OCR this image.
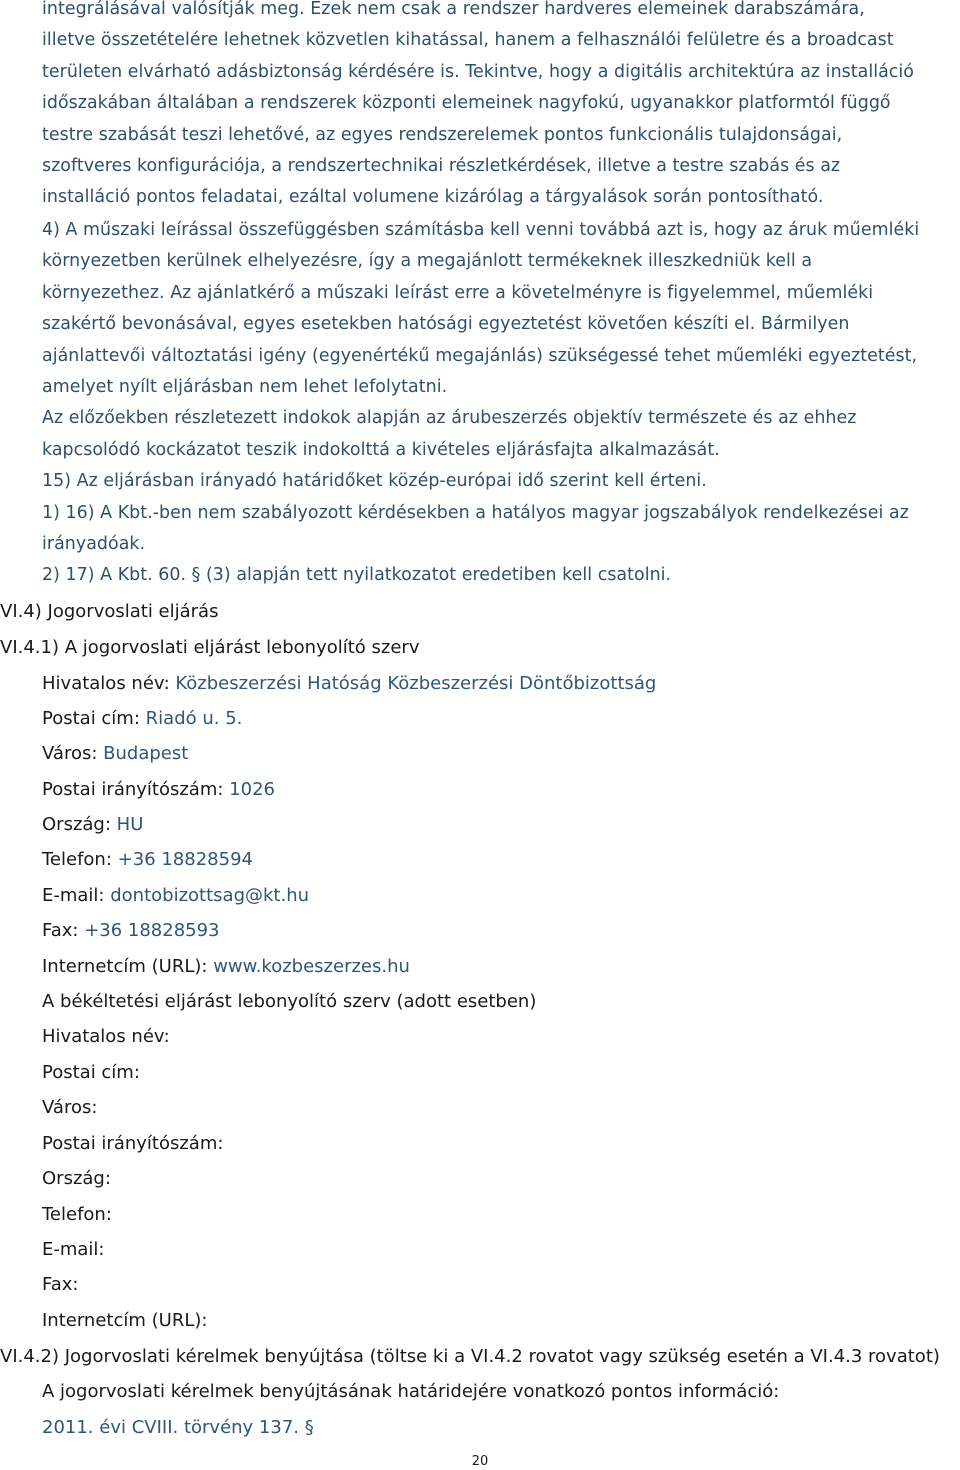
integrálásával valósítják meg. Ezek nem csak a rendszer hardveres elemeinek darabszámára,
illetve összetételére lehetnek közvetlen kihatással, hanem a felhasználói felületre és a broadcast
területen elvárható adásbiztonság kérdésére is. Tekintve, hogy a digitális architektúra az installáció
időszakában általában a rendszerek központi elemeinek nagyfokú, ugyanakkor platformtól függő
testre szabását teszi lehetővé, az egyes rendszerelemek pontos funkcionális tulajdonságai,
szoftveres konfigurációja, a rendszertechnikai részletkérdések, illetve a testre szabás és az
installáció pontos feladatai, ezáltal volumene kizárólag a tárgyalások során pontosítható.
4) A műszaki leírással összefüggésben számításba kell venni továbbá azt is, hogy az áruk műemléki
környezetben kerülnek elhelyezésre, így a megajánlott termékeknek illeszkedniük kell a
környezethez. Az ajánlatkérő a műszaki leírást erre a követelményre is figyelemmel, műemléki
szakértő bevonásával, egyes esetekben hatósági egyeztetést követően készíti el. Bármilyen
ajánlattevői változtatási igény (egyenértékű megajánlás) szükségessé tehet műemléki egyeztetést,
amelyet nyílt eljárásban nem lehet lefolytatni.
Az előzőekben részletezett indokok alapján az árubeszerzés objektív természete és az ehhez
kapcsolódó kockázatot teszik indokolttá a kivételes eljárásfajta alkalmazását.
15) Az eljárásban irányadó határidőket közép-európai idő szerint kell érteni.
1) 16) A Kbt.-ben nem szabályozott kérdésekben a hatályos magyar jogszabályok rendelkezései az
irányadóak.
2) 17) A Kbt. 60. § (3) alapján tett nyilatkozatot eredetiben kell csatolni.
VI.4) Jogorvoslati eljárás
VI.4.1) A jogorvoslati eljárást lebonyolító szerv
Hivatalos név: Közbeszerzési Hatóság Közbeszerzési Döntőbizottság
Postai cím: Riadó u. 5.
Város: Budapest
Postai irányítószám: 1026
Ország: HU
Telefon: +36 18828594
E-mail: dontobizottsag@kt.hu
Fax: +36 18828593
Internetcím (URL): www.kozbeszerzes.hu
A békéltetési eljárást lebonyolító szerv (adott esetben)
Hivatalos név:
Postai cím:
Város:
Postai irányítószám:
Ország:
Telefon:
E-mail:
Fax:
Internetcím (URL):
VI.4.2) Jogorvoslati kérelmek benyújtása (töltse ki a VI.4.2 rovatot vagy szükség esetén a VI.4.3 rovatot)
A jogorvoslati kérelmek benyújtásának határidejére vonatkozó pontos információ:
2011. évi CVIII. törvény 137. §
20
